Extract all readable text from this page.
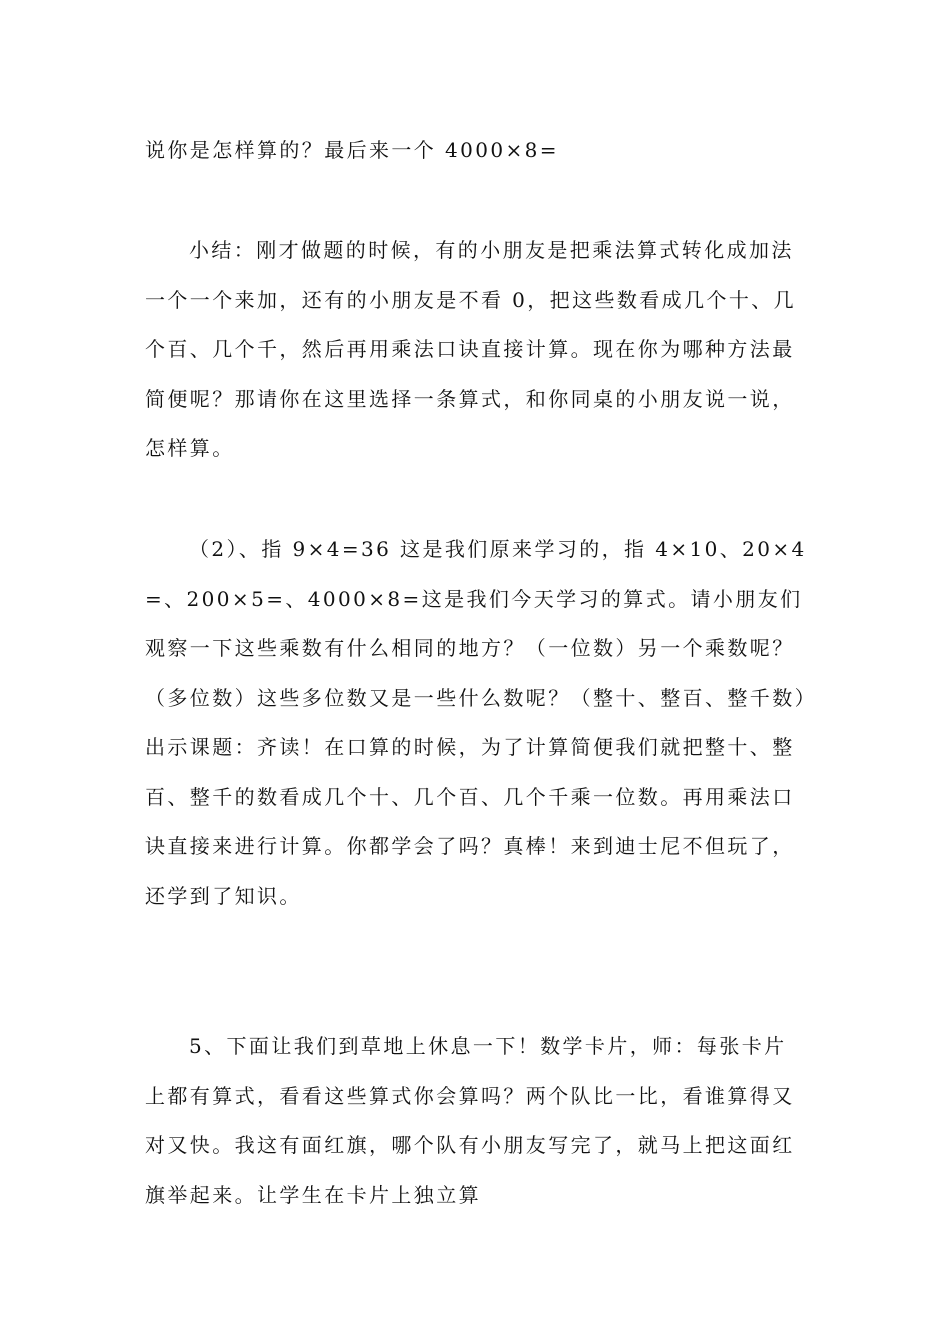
说你是怎样算的？最后来一个 4000×8=

小结：刚才做题的时候，有的小朋友是把乘法算式转化成加法一个一个来加，还有的小朋友是不看 0，把这些数看成几个十、几个百、几个千，然后再用乘法口诀直接计算。现在你为哪种方法最简便呢？那请你在这里选择一条算式，和你同桌的小朋友说一说，怎样算。

（2）、指 9×4=36 这是我们原来学习的，指 4×10、20×4=、200×5=、4000×8=这是我们今天学习的算式。请小朋友们观察一下这些乘数有什么相同的地方？（一位数）另一个乘数呢？（多位数）这些多位数又是一些什么数呢？（整十、整百、整千数）出示课题：齐读！在口算的时候，为了计算简便我们就把整十、整百、整千的数看成几个十、几个百、几个千乘一位数。再用乘法口诀直接来进行计算。你都学会了吗？真棒！来到迪士尼不但玩了，还学到了知识。

5、下面让我们到草地上休息一下！数学卡片，师：每张卡片上都有算式，看看这些算式你会算吗？两个队比一比，看谁算得又对又快。我这有面红旗，哪个队有小朋友写完了，就马上把这面红旗举起来。让学生在卡片上独立算
